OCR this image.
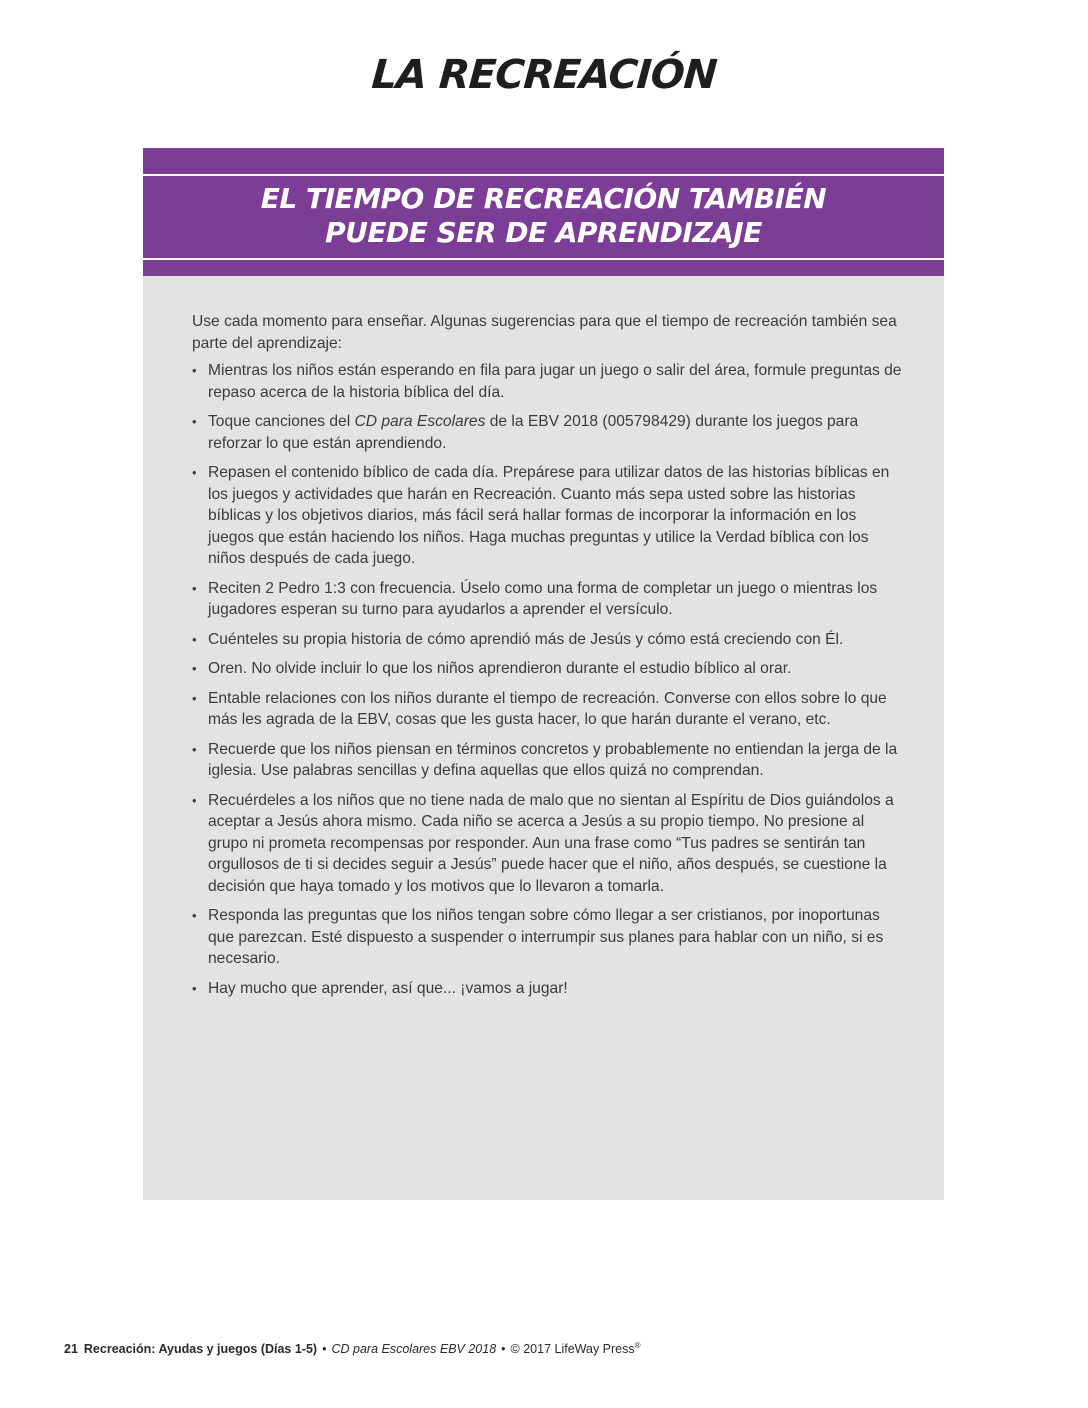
LA RECREACIÓN
EL TIEMPO DE RECREACIÓN TAMBIÉN
PUEDE SER DE APRENDIZAJE

Use cada momento para enseñar. Algunas sugerencias para que el tiempo de recreación también sea parte del aprendizaje:

• Mientras los niños están esperando en fila para jugar un juego o salir del área, formule preguntas de repaso acerca de la historia bíblica del día.
• Toque canciones del CD para Escolares de la EBV 2018 (005798429) durante los juegos para reforzar lo que están aprendiendo.
• Repasen el contenido bíblico de cada día. Prepárese para utilizar datos de las historias bíblicas en los juegos y actividades que harán en Recreación. Cuanto más sepa usted sobre las historias bíblicas y los objetivos diarios, más fácil será hallar formas de incorporar la información en los juegos que están haciendo los niños. Haga muchas preguntas y utilice la Verdad bíblica con los niños después de cada juego.
• Reciten 2 Pedro 1:3 con frecuencia. Úselo como una forma de completar un juego o mientras los jugadores esperan su turno para ayudarlos a aprender el versículo.
• Cuénteles su propia historia de cómo aprendió más de Jesús y cómo está creciendo con Él.
• Oren. No olvide incluir lo que los niños aprendieron durante el estudio bíblico al orar.
• Entable relaciones con los niños durante el tiempo de recreación. Converse con ellos sobre lo que más les agrada de la EBV, cosas que les gusta hacer, lo que harán durante el verano, etc.
• Recuerde que los niños piensan en términos concretos y probablemente no entiendan la jerga de la iglesia. Use palabras sencillas y defina aquellas que ellos quizá no comprendan.
• Recuérdeles a los niños que no tiene nada de malo que no sientan al Espíritu de Dios guiándolos a aceptar a Jesús ahora mismo. Cada niño se acerca a Jesús a su propio tiempo. No presione al grupo ni prometa recompensas por responder. Aun una frase como “Tus padres se sentirán tan orgullosos de ti si decides seguir a Jesús” puede hacer que el niño, años después, se cuestione la decisión que haya tomado y los motivos que lo llevaron a tomarla.
• Responda las preguntas que los niños tengan sobre cómo llegar a ser cristianos, por inoportunas que parezcan. Esté dispuesto a suspender o interrumpir sus planes para hablar con un niño, si es necesario.
• Hay mucho que aprender, así que... ¡vamos a jugar!
21 Recreación: Ayudas y juegos (Días 1-5) • CD para Escolares EBV 2018 • © 2017 LifeWay Press®
